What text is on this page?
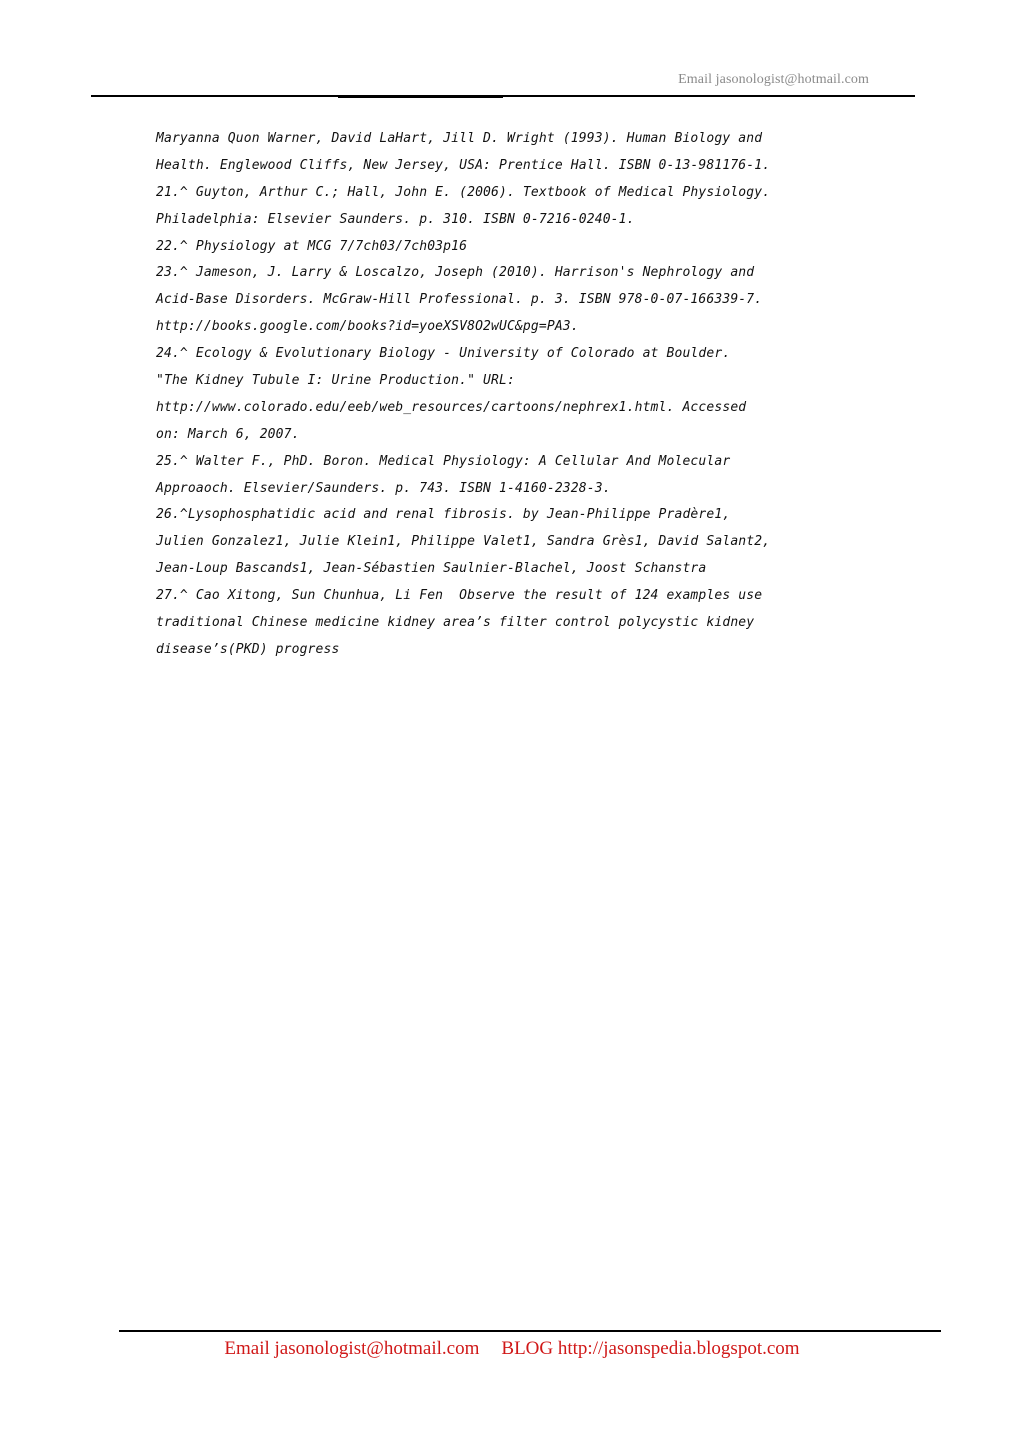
Email jasonologist@hotmail.com
Maryanna Quon Warner, David LaHart, Jill D. Wright (1993). Human Biology and
Health. Englewood Cliffs, New Jersey, USA: Prentice Hall. ISBN 0-13-981176-1.
21.^ Guyton, Arthur C.; Hall, John E. (2006). Textbook of Medical Physiology.
Philadelphia: Elsevier Saunders. p. 310. ISBN 0-7216-0240-1.
22.^ Physiology at MCG 7/7ch03/7ch03p16
23.^ Jameson, J. Larry & Loscalzo, Joseph (2010). Harrison's Nephrology and
Acid-Base Disorders. McGraw-Hill Professional. p. 3. ISBN 978-0-07-166339-7.
http://books.google.com/books?id=yoeXSV8O2wUC&pg=PA3.
24.^ Ecology & Evolutionary Biology - University of Colorado at Boulder.
"The Kidney Tubule I: Urine Production." URL:
http://www.colorado.edu/eeb/web_resources/cartoons/nephrex1.html. Accessed
on: March 6, 2007.
25.^ Walter F., PhD. Boron. Medical Physiology: A Cellular And Molecular
Approaoch. Elsevier/Saunders. p. 743. ISBN 1-4160-2328-3.
26.^Lysophosphatidic acid and renal fibrosis. by Jean-Philippe Pradère1,
Julien Gonzalez1, Julie Klein1, Philippe Valet1, Sandra Grès1, David Salant2,
Jean-Loup Bascands1, Jean-Sébastien Saulnier-Blachel, Joost Schanstra
27.^ Cao Xitong, Sun Chunhua, Li Fen  Observe the result of 124 examples use
traditional Chinese medicine kidney area’s filter control polycystic kidney
disease’s(PKD) progress
Email jasonologist@hotmail.com BLOG http://jasonspedia.blogspot.com
